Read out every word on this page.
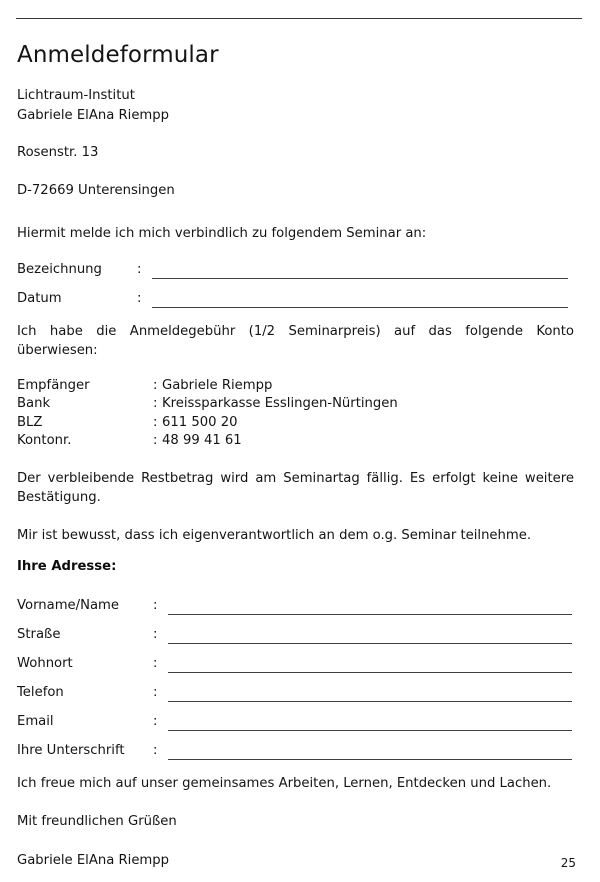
Anmeldeformular

Lichtraum-Institut

Gabriele ElAna Riempp

Rosenstr. 13

D-72669 Unterensingen

Hiermit melde ich mich verbindlich zu folgendem Seminar an:

Bezeichnung	:
Datum	:

Ich habe die Anmeldegebühr (1/2 Seminarpreis) auf das folgende Konto überwiesen:

Empfänger	: Gabriele Riempp
Bank	: Kreissparkasse Esslingen-Nürtingen
BLZ	: 611 500 20
Kontonr.	: 48 99 41 61

Der verbleibende Restbetrag wird am Seminartag fällig. Es erfolgt keine weitere Bestätigung.

Mir ist bewusst, dass ich eigenverantwortlich an dem o.g. Seminar teilnehme.

Ihre Adresse:

Vorname/Name	:
Straße	:
Wohnort	:
Telefon	:
Email	:
Ihre Unterschrift	:

Ich freue mich auf unser gemeinsames Arbeiten, Lernen, Entdecken und Lachen.

Mit freundlichen Grüßen

Gabriele ElAna Riempp	25
